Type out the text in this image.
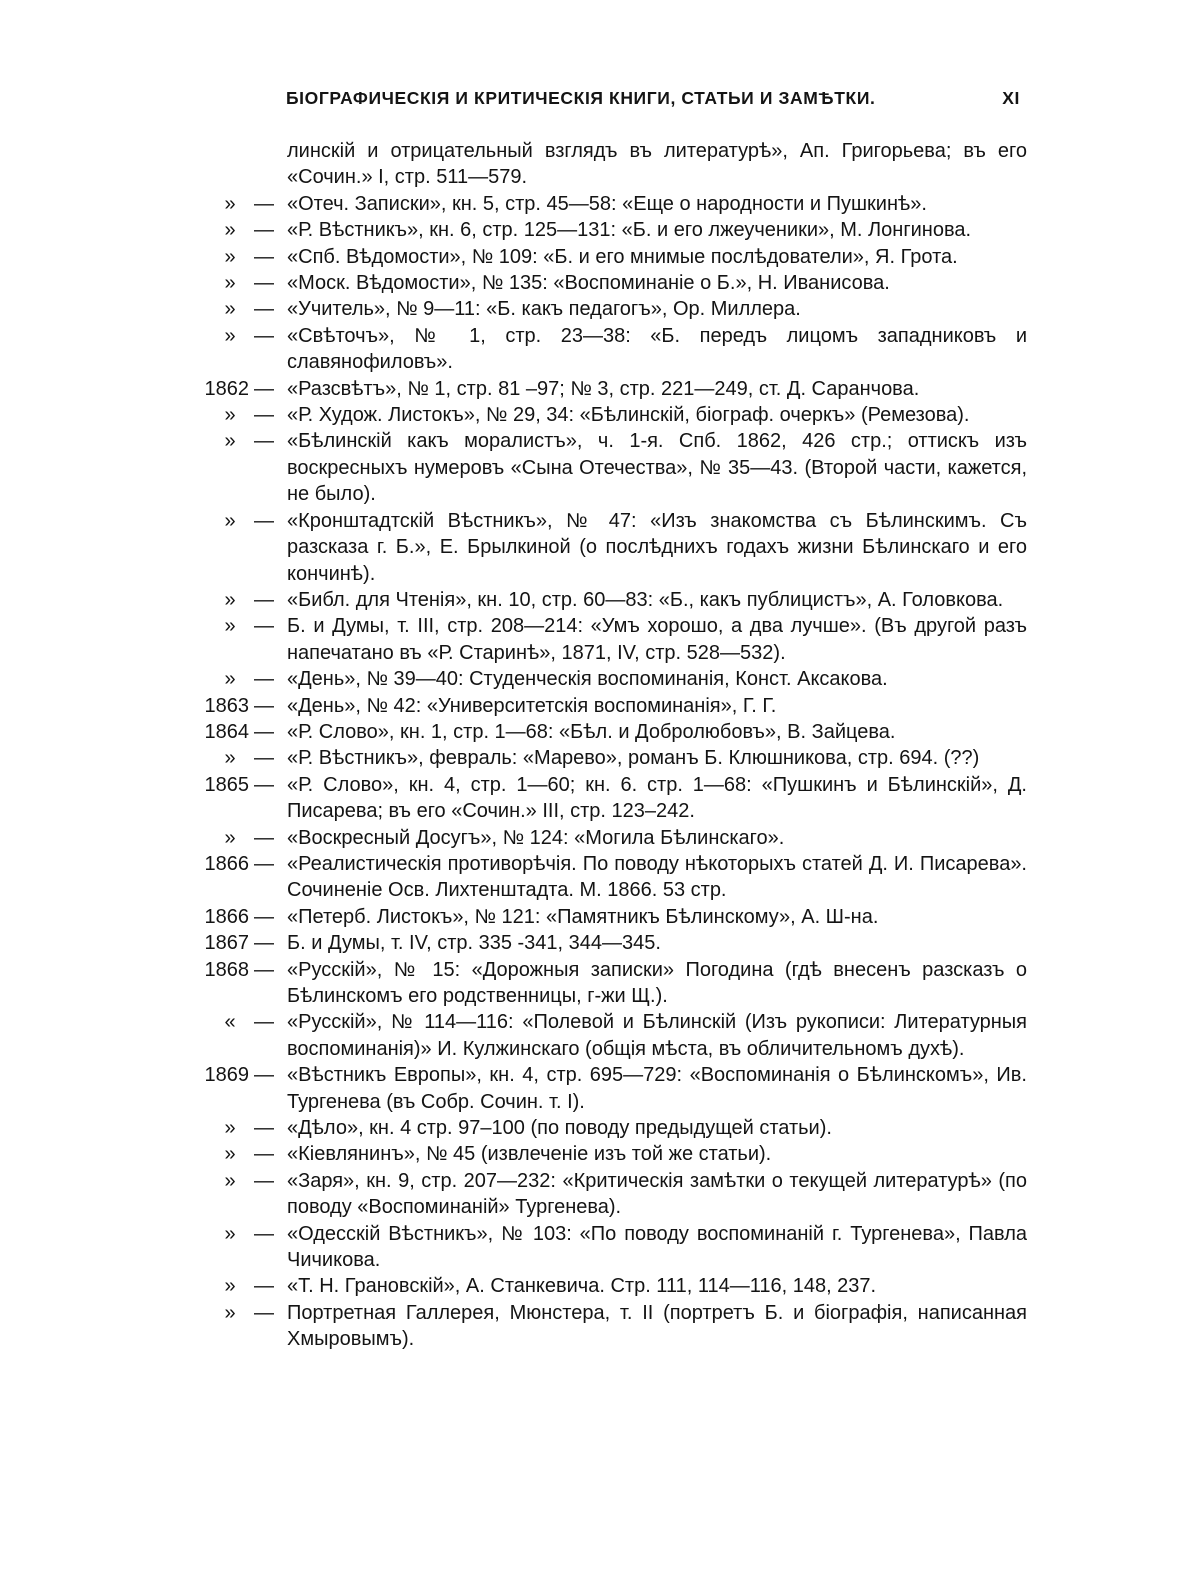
БІОГРАФИЧЕСКІЯ И КРИТИЧЕСКІЯ КНИГИ, СТАТЬИ И ЗАМѢТКИ.	XI
линскій и отрицательный взглядъ въ литературѣ», Ап. Григорьева; въ его «Сочин.» I, стр. 511—579.
» — «Отеч. Записки», кн. 5, стр. 45—58: «Еще о народности и Пушкинѣ».
» — «Р. Вѣстникъ», кн. 6, стр. 125—131: «Б. и его лжеученики», М. Лонгинова.
» — «Спб. Вѣдомости», № 109: «Б. и его мнимые послѣдователи», Я. Грота.
» — «Моск. Вѣдомости», № 135: «Воспоминаніе о Б.», Н. Иванисова.
» — «Учитель», № 9—11: «Б. какъ педагогъ», Ор. Миллера.
» — «Свѣточъ», № 1, стр. 23—38: «Б. передъ лицомъ западниковъ и славянофиловъ».
1862 — «Разсвѣтъ», № 1, стр. 81 –97; № 3, стр. 221—249, ст. Д. Саранчова.
» — «Р. Худож. Листокъ», № 29, 34: «Бѣлинскій, біограф. очеркъ» (Ремезова).
» — «Бѣлинскій какъ моралистъ», ч. 1-я. Спб. 1862, 426 стр.; оттискъ изъ воскресныхъ нумеровъ «Сына Отечества», № 35—43. (Второй части, кажется, не было).
» — «Кронштадтскій Вѣстникъ», № 47: «Изъ знакомства съ Бѣлинскимъ. Съ разсказа г. Б.», Е. Брылкиной (о послѣднихъ годахъ жизни Бѣлинскаго и его кончинѣ).
» — «Библ. для Чтенія», кн. 10, стр. 60—83: «Б., какъ публицистъ», А. Головкова.
» — Б. и Думы, т. III, стр. 208—214: «Умъ хорошо, а два лучше». (Въ другой разъ напечатано въ «Р. Старинѣ», 1871, IV, стр. 528—532).
» — «День», № 39—40: Студенческія воспоминанія, Конст. Аксакова.
1863 — «День», № 42: «Университетскія воспоминанія», Г. Г.
1864 — «Р. Слово», кн. 1, стр. 1—68: «Бѣл. и Добролюбовъ», В. Зайцева.
» — «Р. Вѣстникъ», февраль: «Марево», романъ Б. Клюшникова, стр. 694. (??)
1865 — «Р. Слово», кн. 4, стр. 1—60; кн. 6. стр. 1—68: «Пушкинъ и Бѣлинскій», Д. Писарева; въ его «Сочин.» III, стр. 123–242.
» — «Воскресный Досугъ», № 124: «Могила Бѣлинскаго».
1866 — «Реалистическія противорѣчія. По поводу нѣкоторыхъ статей Д. И. Писарева». Сочиненіе Осв. Лихтенштадта. М. 1866. 53 стр.
1866 — «Петерб. Листокъ», № 121: «Памятникъ Бѣлинскому», А. Ш-на.
1867 — Б. и Думы, т. IV, стр. 335 -341, 344—345.
1868 — «Русскій», № 15: «Дорожныя записки» Погодина (гдѣ внесенъ разсказъ о Бѣлинскомъ его родственницы, г-жи Щ.).
« — «Русскій», № 114—116: «Полевой и Бѣлинскій (Изъ рукописи: Литературныя воспоминанія)» И. Кулжинскаго (общія мѣста, въ обличительномъ духѣ).
1869 — «Вѣстникъ Европы», кн. 4, стр. 695—729: «Воспоминанія о Бѣлинскомъ», Ив. Тургенева (въ Собр. Сочин. т. I).
» — «Дѣло», кн. 4 стр. 97–100 (по поводу предыдущей статьи).
» — «Кіевлянинъ», № 45 (извлеченіе изъ той же статьи).
» — «Заря», кн. 9, стр. 207—232: «Критическія замѣтки о текущей литературѣ» (по поводу «Воспоминаній» Тургенева).
» — «Одесскій Вѣстникъ», № 103: «По поводу воспоминаній г. Тургенева», Павла Чичикова.
» — «Т. Н. Грановскій», А. Станкевича. Стр. 111, 114—116, 148, 237.
» — Портретная Галлерея, Мюнстера, т. II (портретъ Б. и біографія, написанная Хмыровымъ).
